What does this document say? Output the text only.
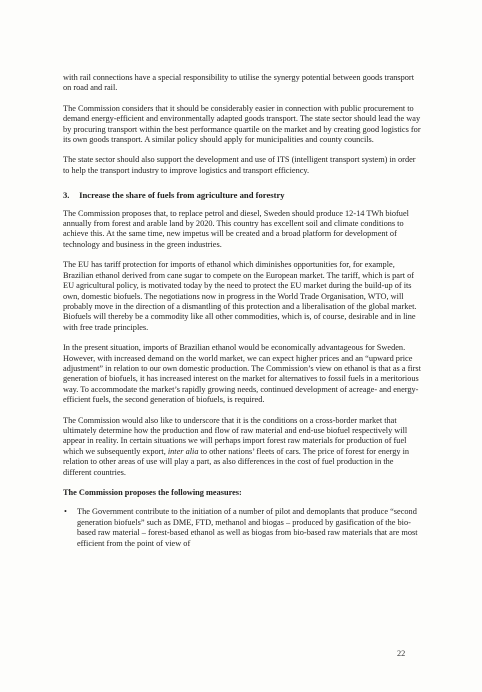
with rail connections have a special responsibility to utilise the synergy potential between goods transport on road and rail.

The Commission considers that it should be considerably easier in connection with public procurement to demand energy-efficient and environmentally adapted goods transport. The state sector should lead the way by procuring transport within the best performance quartile on the market and by creating good logistics for its own goods transport. A similar policy should apply for municipalities and county councils.

The state sector should also support the development and use of ITS (intelligent transport system) in order to help the transport industry to improve logistics and transport efficiency.

3. Increase the share of fuels from agriculture and forestry

The Commission proposes that, to replace petrol and diesel, Sweden should produce 12-14 TWh biofuel annually from forest and arable land by 2020. This country has excellent soil and climate conditions to achieve this. At the same time, new impetus will be created and a broad platform for development of technology and business in the green industries.

The EU has tariff protection for imports of ethanol which diminishes opportunities for, for example, Brazilian ethanol derived from cane sugar to compete on the European market. The tariff, which is part of EU agricultural policy, is motivated today by the need to protect the EU market during the build-up of its own, domestic biofuels. The negotiations now in progress in the World Trade Organisation, WTO, will probably move in the direction of a dismantling of this protection and a liberalisation of the global market. Biofuels will thereby be a commodity like all other commodities, which is, of course, desirable and in line with free trade principles.

In the present situation, imports of Brazilian ethanol would be economically advantageous for Sweden. However, with increased demand on the world market, we can expect higher prices and an “upward price adjustment” in relation to our own domestic production. The Commission’s view on ethanol is that as a first generation of biofuels, it has increased interest on the market for alternatives to fossil fuels in a meritorious way. To accommodate the market’s rapidly growing needs, continued development of acreage- and energy-efficient fuels, the second generation of biofuels, is required.

The Commission would also like to underscore that it is the conditions on a cross-border market that ultimately determine how the production and flow of raw material and end-use biofuel respectively will appear in reality. In certain situations we will perhaps import forest raw materials for production of fuel which we subsequently export, inter alia to other nations’ fleets of cars. The price of forest for energy in relation to other areas of use will play a part, as also differences in the cost of fuel production in the different countries.

The Commission proposes the following measures:
• The Government contribute to the initiation of a number of pilot and demoplants that produce “second generation biofuels” such as DME, FTD, methanol and biogas – produced by gasification of the bio-based raw material – forest-based ethanol as well as biogas from bio-based raw materials that are most efficient from the point of view of
22
